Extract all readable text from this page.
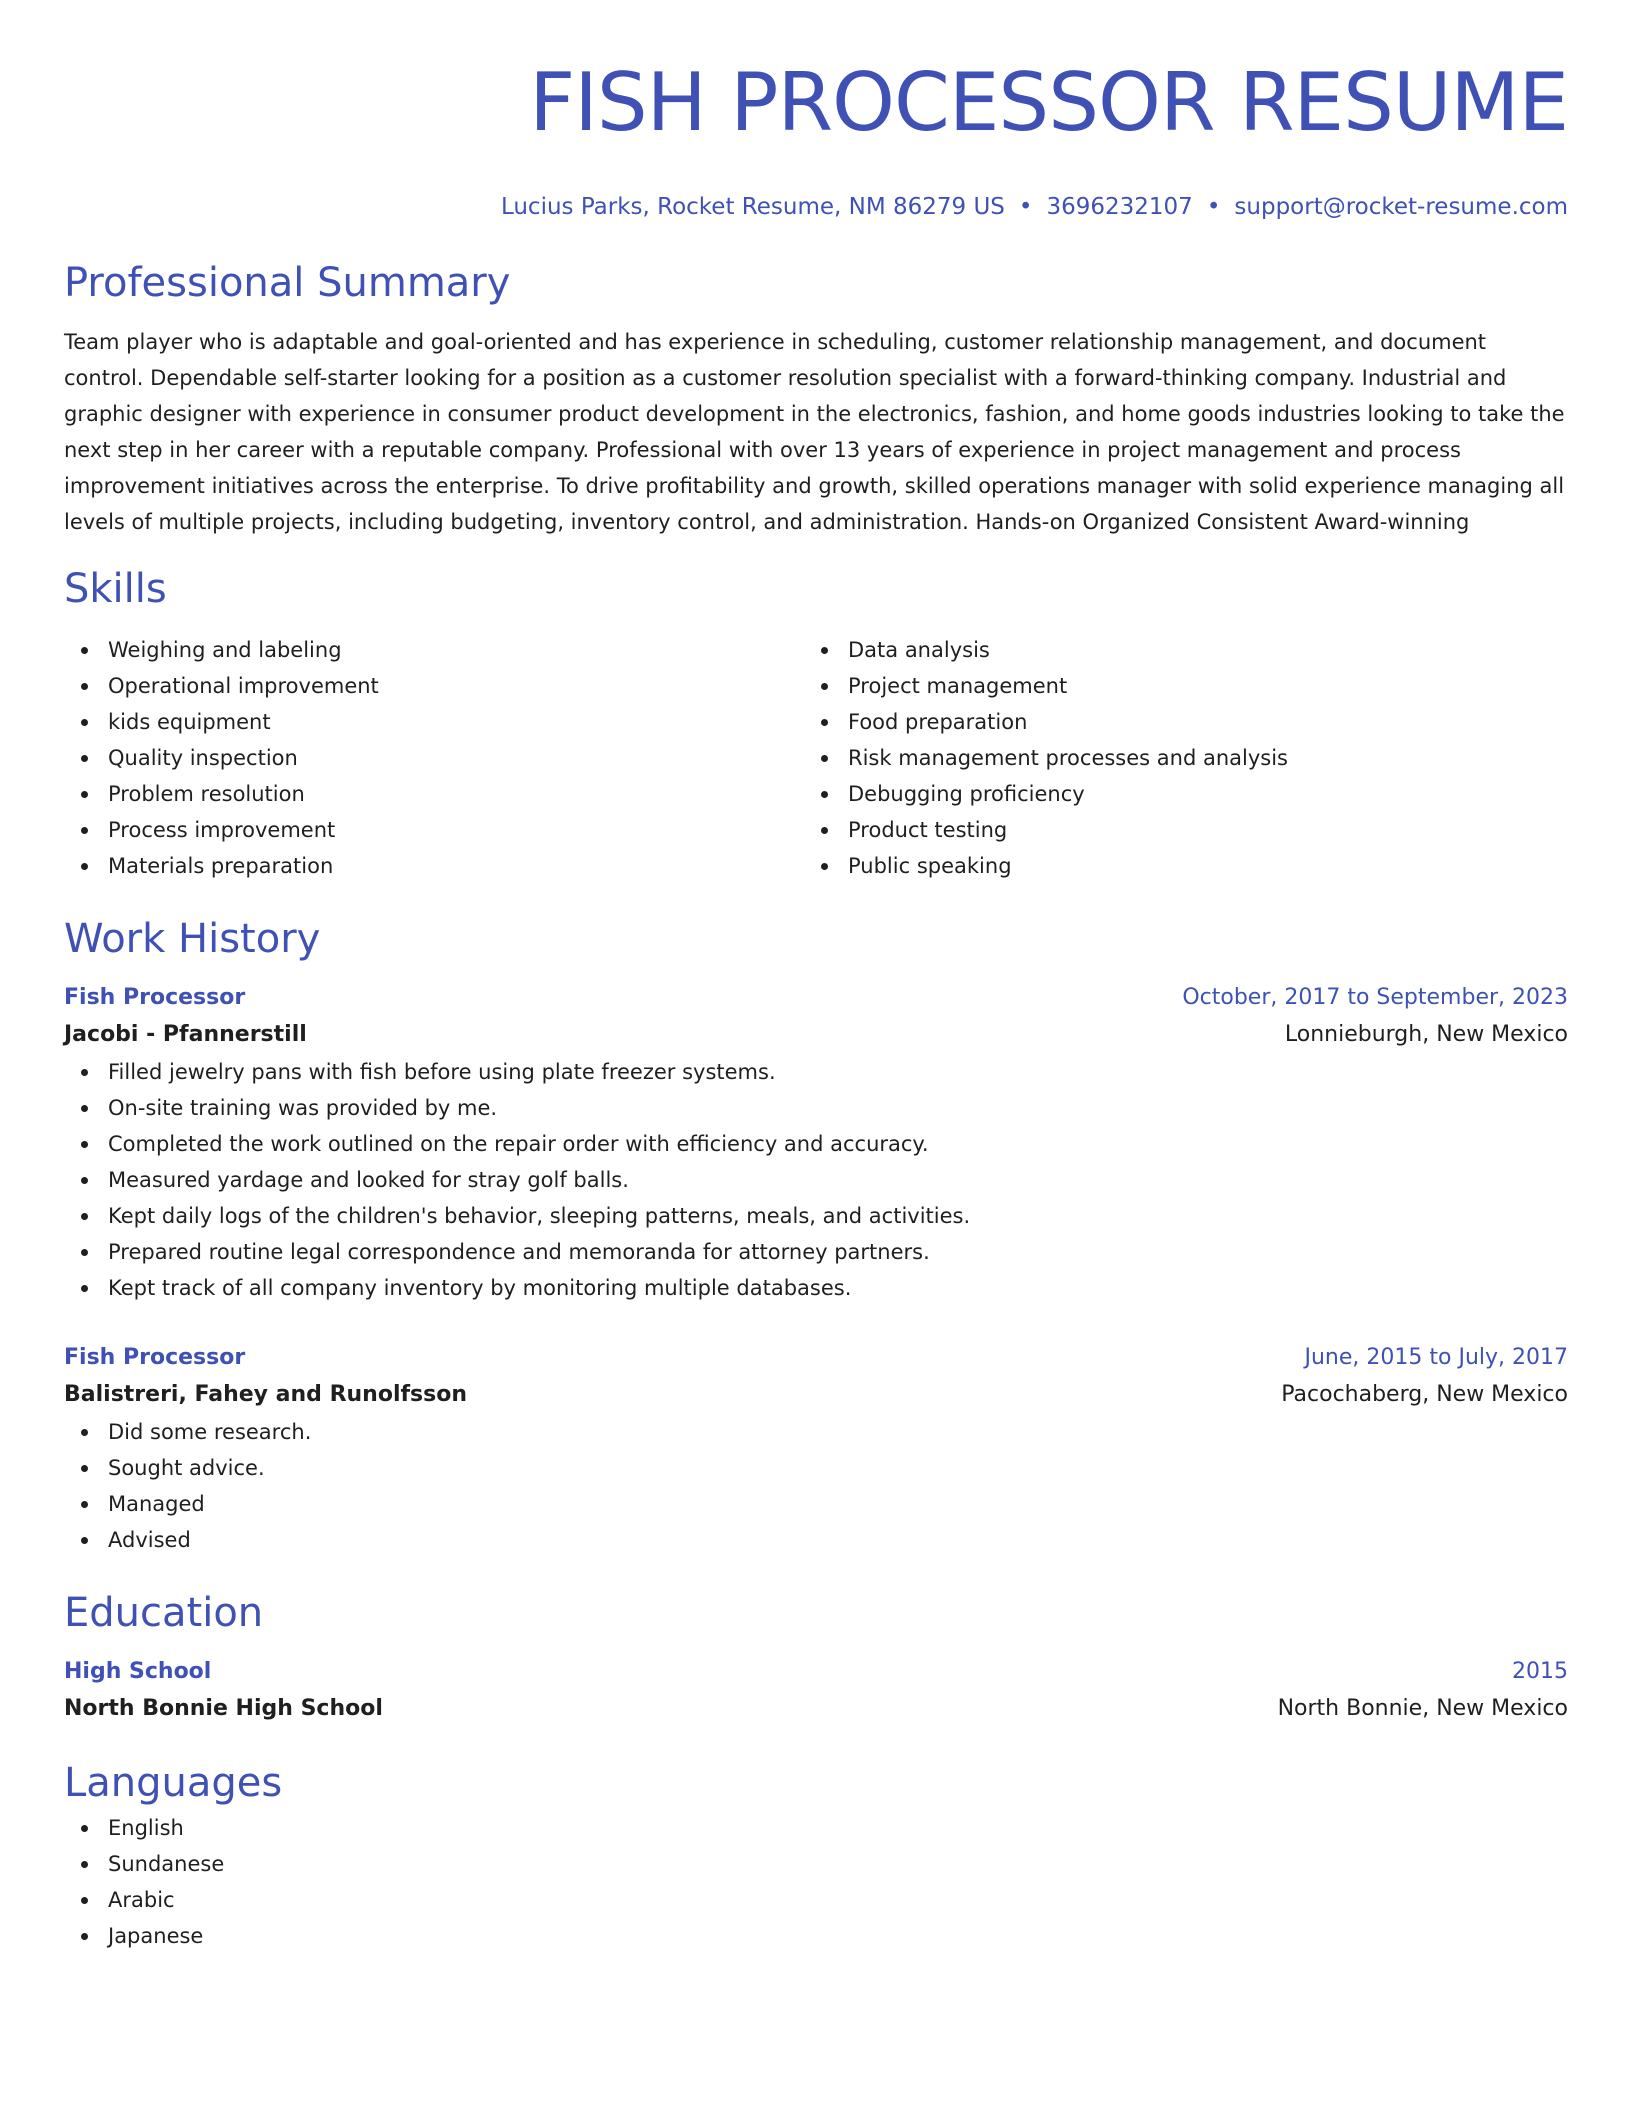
FISH PROCESSOR RESUME
Lucius Parks, Rocket Resume, NM 86279 US • 3696232107 • support@rocket-resume.com
Professional Summary
Team player who is adaptable and goal-oriented and has experience in scheduling, customer relationship management, and document control. Dependable self-starter looking for a position as a customer resolution specialist with a forward-thinking company. Industrial and graphic designer with experience in consumer product development in the electronics, fashion, and home goods industries looking to take the next step in her career with a reputable company. Professional with over 13 years of experience in project management and process improvement initiatives across the enterprise. To drive profitability and growth, skilled operations manager with solid experience managing all levels of multiple projects, including budgeting, inventory control, and administration. Hands-on Organized Consistent Award-winning
Skills
Weighing and labeling
Operational improvement
kids equipment
Quality inspection
Problem resolution
Process improvement
Materials preparation
Data analysis
Project management
Food preparation
Risk management processes and analysis
Debugging proficiency
Product testing
Public speaking
Work History
Fish Processor	October, 2017 to September, 2023
Jacobi - Pfannerstill	Lonnieburgh, New Mexico
Filled jewelry pans with fish before using plate freezer systems.
On-site training was provided by me.
Completed the work outlined on the repair order with efficiency and accuracy.
Measured yardage and looked for stray golf balls.
Kept daily logs of the children's behavior, sleeping patterns, meals, and activities.
Prepared routine legal correspondence and memoranda for attorney partners.
Kept track of all company inventory by monitoring multiple databases.
Fish Processor	June, 2015 to July, 2017
Balistreri, Fahey and Runolfsson	Pacochaberg, New Mexico
Did some research.
Sought advice.
Managed
Advised
Education
High School	2015
North Bonnie High School	North Bonnie, New Mexico
Languages
English
Sundanese
Arabic
Japanese
